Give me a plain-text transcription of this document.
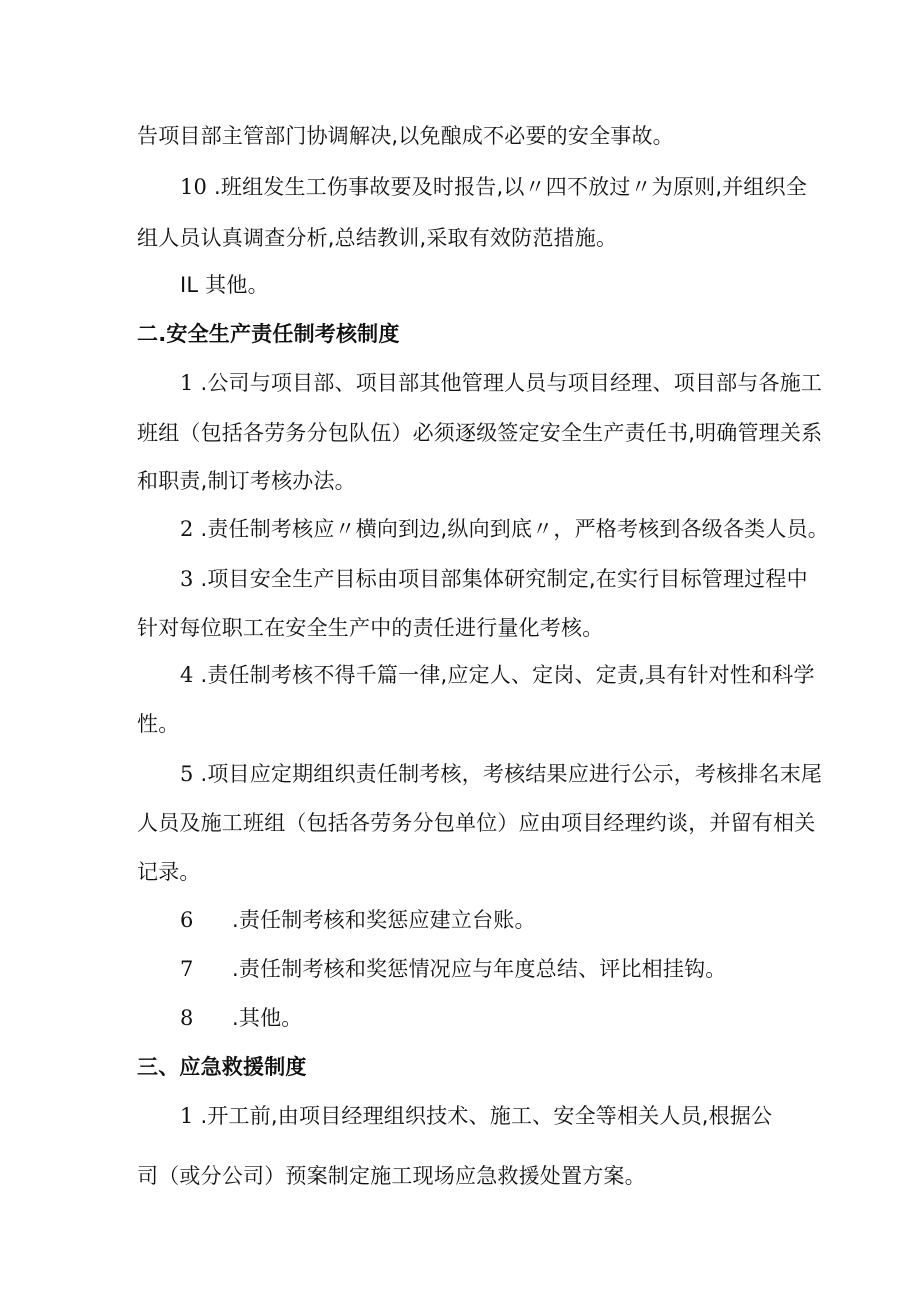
告项目部主管部门协调解决,以免酿成不必要的安全事故。
10 .班组发生工伤事故要及时报告,以〃四不放过〃为原则,并组织全
组人员认真调查分析,总结教训,采取有效防范措施。
IL 其他。
二.安全生产责任制考核制度
1 .公司与项目部、项目部其他管理人员与项目经理、项目部与各施工
班组（包括各劳务分包队伍）必须逐级签定安全生产责任书,明确管理关系
和职责,制订考核办法。
2 .责任制考核应〃横向到边,纵向到底〃，严格考核到各级各类人员。
3 .项目安全生产目标由项目部集体研究制定,在实行目标管理过程中
针对每位职工在安全生产中的责任进行量化考核。
4 .责任制考核不得千篇一律,应定人、定岗、定责,具有针对性和科学
性。
5 .项目应定期组织责任制考核，考核结果应进行公示，考核排名末尾
人员及施工班组（包括各劳务分包单位）应由项目经理约谈，并留有相关
记录。
6 .责任制考核和奖惩应建立台账。
7 .责任制考核和奖惩情况应与年度总结、评比相挂钩。
8 .其他。
三、应急救援制度
1 .开工前,由项目经理组织技术、施工、安全等相关人员,根据公
司（或分公司）预案制定施工现场应急救援处置方案。
